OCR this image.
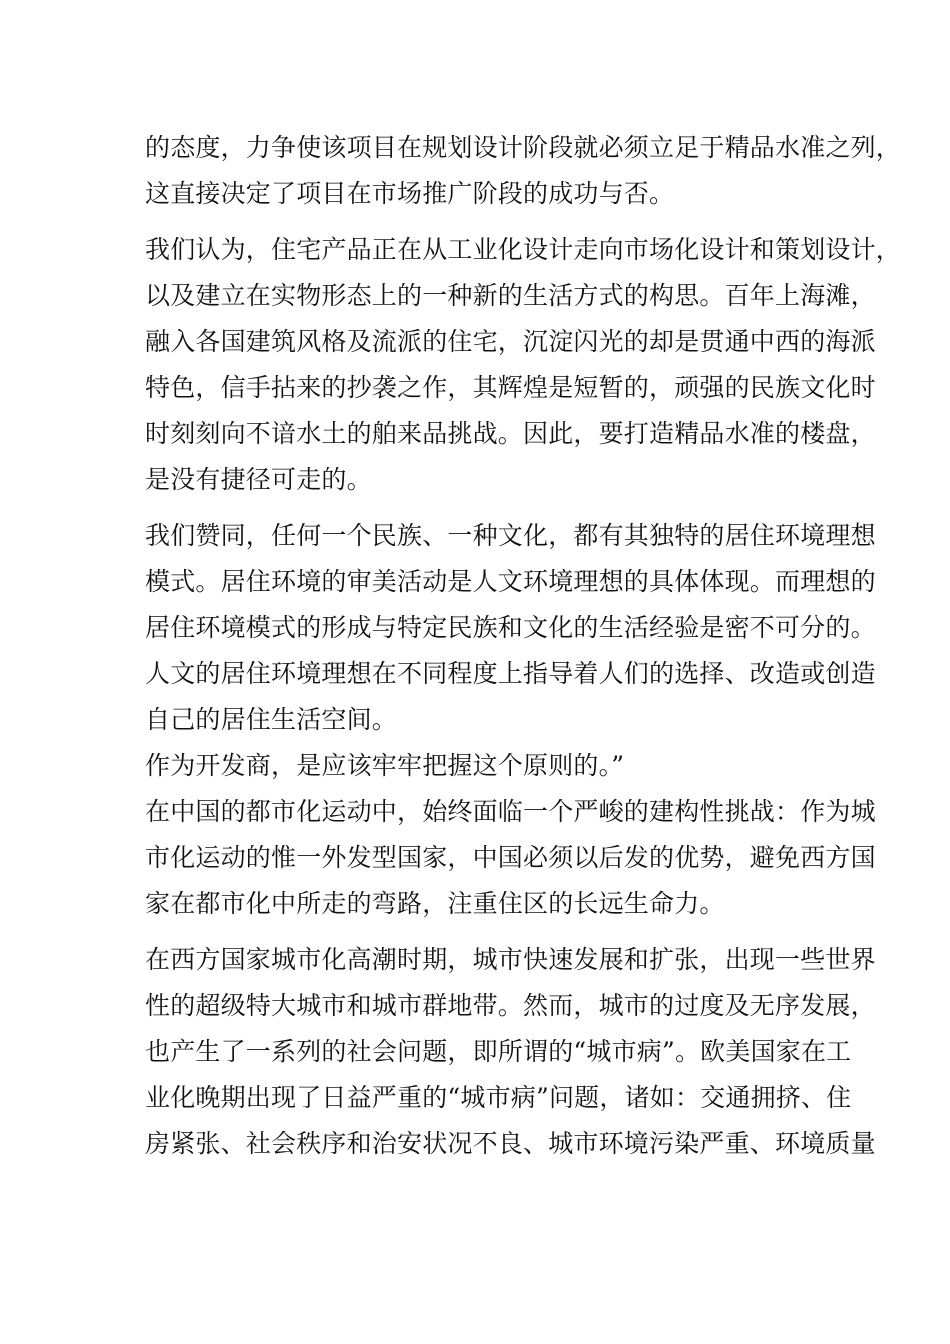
的态度，力争使该项目在规划设计阶段就必须立足于精品水准之列，
这直接决定了项目在市场推广阶段的成功与否。
我们认为，住宅产品正在从工业化设计走向市场化设计和策划设计，
以及建立在实物形态上的一种新的生活方式的构思。百年上海滩，
融入各国建筑风格及流派的住宅，沉淀闪光的却是贯通中西的海派
特色，信手拈来的抄袭之作，其辉煌是短暂的，顽强的民族文化时
时刻刻向不谙水土的舶来品挑战。因此，要打造精品水准的楼盘，
是没有捷径可走的。
我们赞同，任何一个民族、一种文化，都有其独特的居住环境理想
模式。居住环境的审美活动是人文环境理想的具体体现。而理想的
居住环境模式的形成与特定民族和文化的生活经验是密不可分的。
人文的居住环境理想在不同程度上指导着人们的选择、改造或创造
自己的居住生活空间。
作为开发商，是应该牢牢把握这个原则的。”
在中国的都市化运动中，始终面临一个严峻的建构性挑战：作为城
市化运动的惟一外发型国家，中国必须以后发的优势，避免西方国
家在都市化中所走的弯路，注重住区的长远生命力。
在西方国家城市化高潮时期，城市快速发展和扩张，出现一些世界
性的超级特大城市和城市群地带。然而，城市的过度及无序发展，
也产生了一系列的社会问题，即所谓的“城市病”。欧美国家在工
业化晚期出现了日益严重的“城市病”问题，诸如：交通拥挤、住
房紧张、社会秩序和治安状况不良、城市环境污染严重、环境质量
